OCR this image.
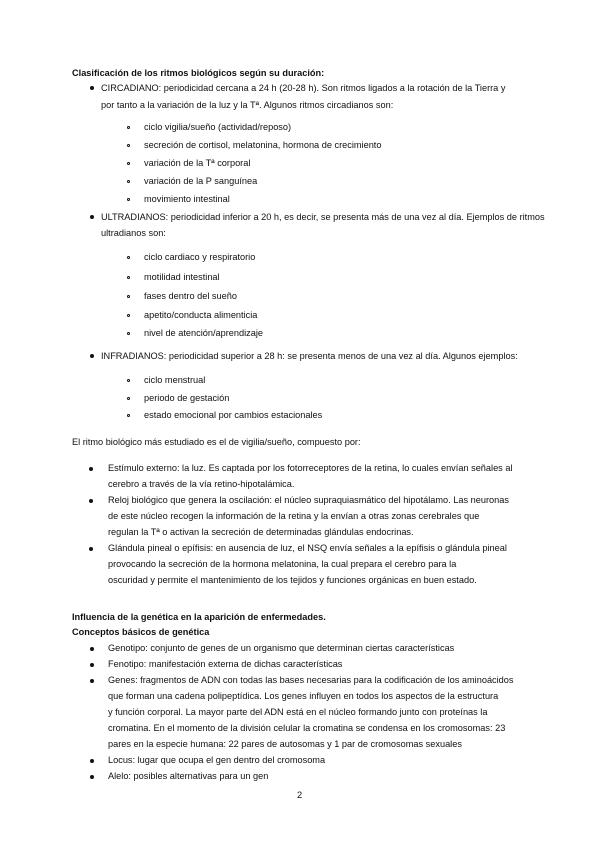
Clasificación de los ritmos biológicos según su duración:
CIRCADIANO: periodicidad cercana a 24 h (20-28 h). Son ritmos ligados a la rotación de la Tierra y
por tanto a la variación de la luz y la Tª. Algunos ritmos circadianos son:
ciclo vigilia/sueño (actividad/reposo)
secreción de cortisol, melatonina, hormona de crecimiento
variación de la Tª corporal
variación de la P sanguínea
movimiento intestinal
ULTRADIANOS: periodicidad inferior a 20 h, es decir, se presenta más de una vez al día. Ejemplos de ritmos
ultradianos son:
ciclo cardiaco y respiratorio
motilidad intestinal
fases dentro del sueño
apetito/conducta alimenticia
nivel de atención/aprendizaje
INFRADIANOS: periodicidad superior a 28 h: se presenta menos de una vez al día. Algunos ejemplos:
ciclo menstrual
periodo de gestación
estado emocional por cambios estacionales
El ritmo biológico más estudiado es el de vigilia/sueño, compuesto por:
Estímulo externo: la luz. Es captada por los fotorreceptores de la retina, lo cuales envían señales al
cerebro a través de la vía retino-hipotalámica.
Reloj biológico que genera la oscilación: el núcleo supraquiasmático del hipotálamo. Las neuronas
de este núcleo recogen la información de la retina y la envían a otras zonas cerebrales que
regulan la Tª o activan la secreción de determinadas glándulas endocrinas.
Glándula pineal o epífisis: en ausencia de luz, el NSQ envía señales a la epífisis o glándula pineal
provocando la secreción de la hormona melatonina, la cual prepara el cerebro para la
oscuridad y permite el mantenimiento de los tejidos y funciones orgánicas en buen estado.
Influencia de la genética en la aparición de enfermedades.
Conceptos básicos de genética
Genotipo: conjunto de genes de un organismo que determinan ciertas características
Fenotipo: manifestación externa de dichas características
Genes: fragmentos de ADN con todas las bases necesarias para la codificación de los aminoácidos
que forman una cadena polipeptídica. Los genes influyen en todos los aspectos de la estructura
y función corporal. La mayor parte del ADN está en el núcleo formando junto con proteínas la
cromatina. En el momento de la división celular la cromatina se condensa en los cromosomas: 23
pares en la especie humana: 22 pares de autosomas y 1 par de cromosomas sexuales
Locus: lugar que ocupa el gen dentro del cromosoma
Alelo: posibles alternativas para un gen
2
